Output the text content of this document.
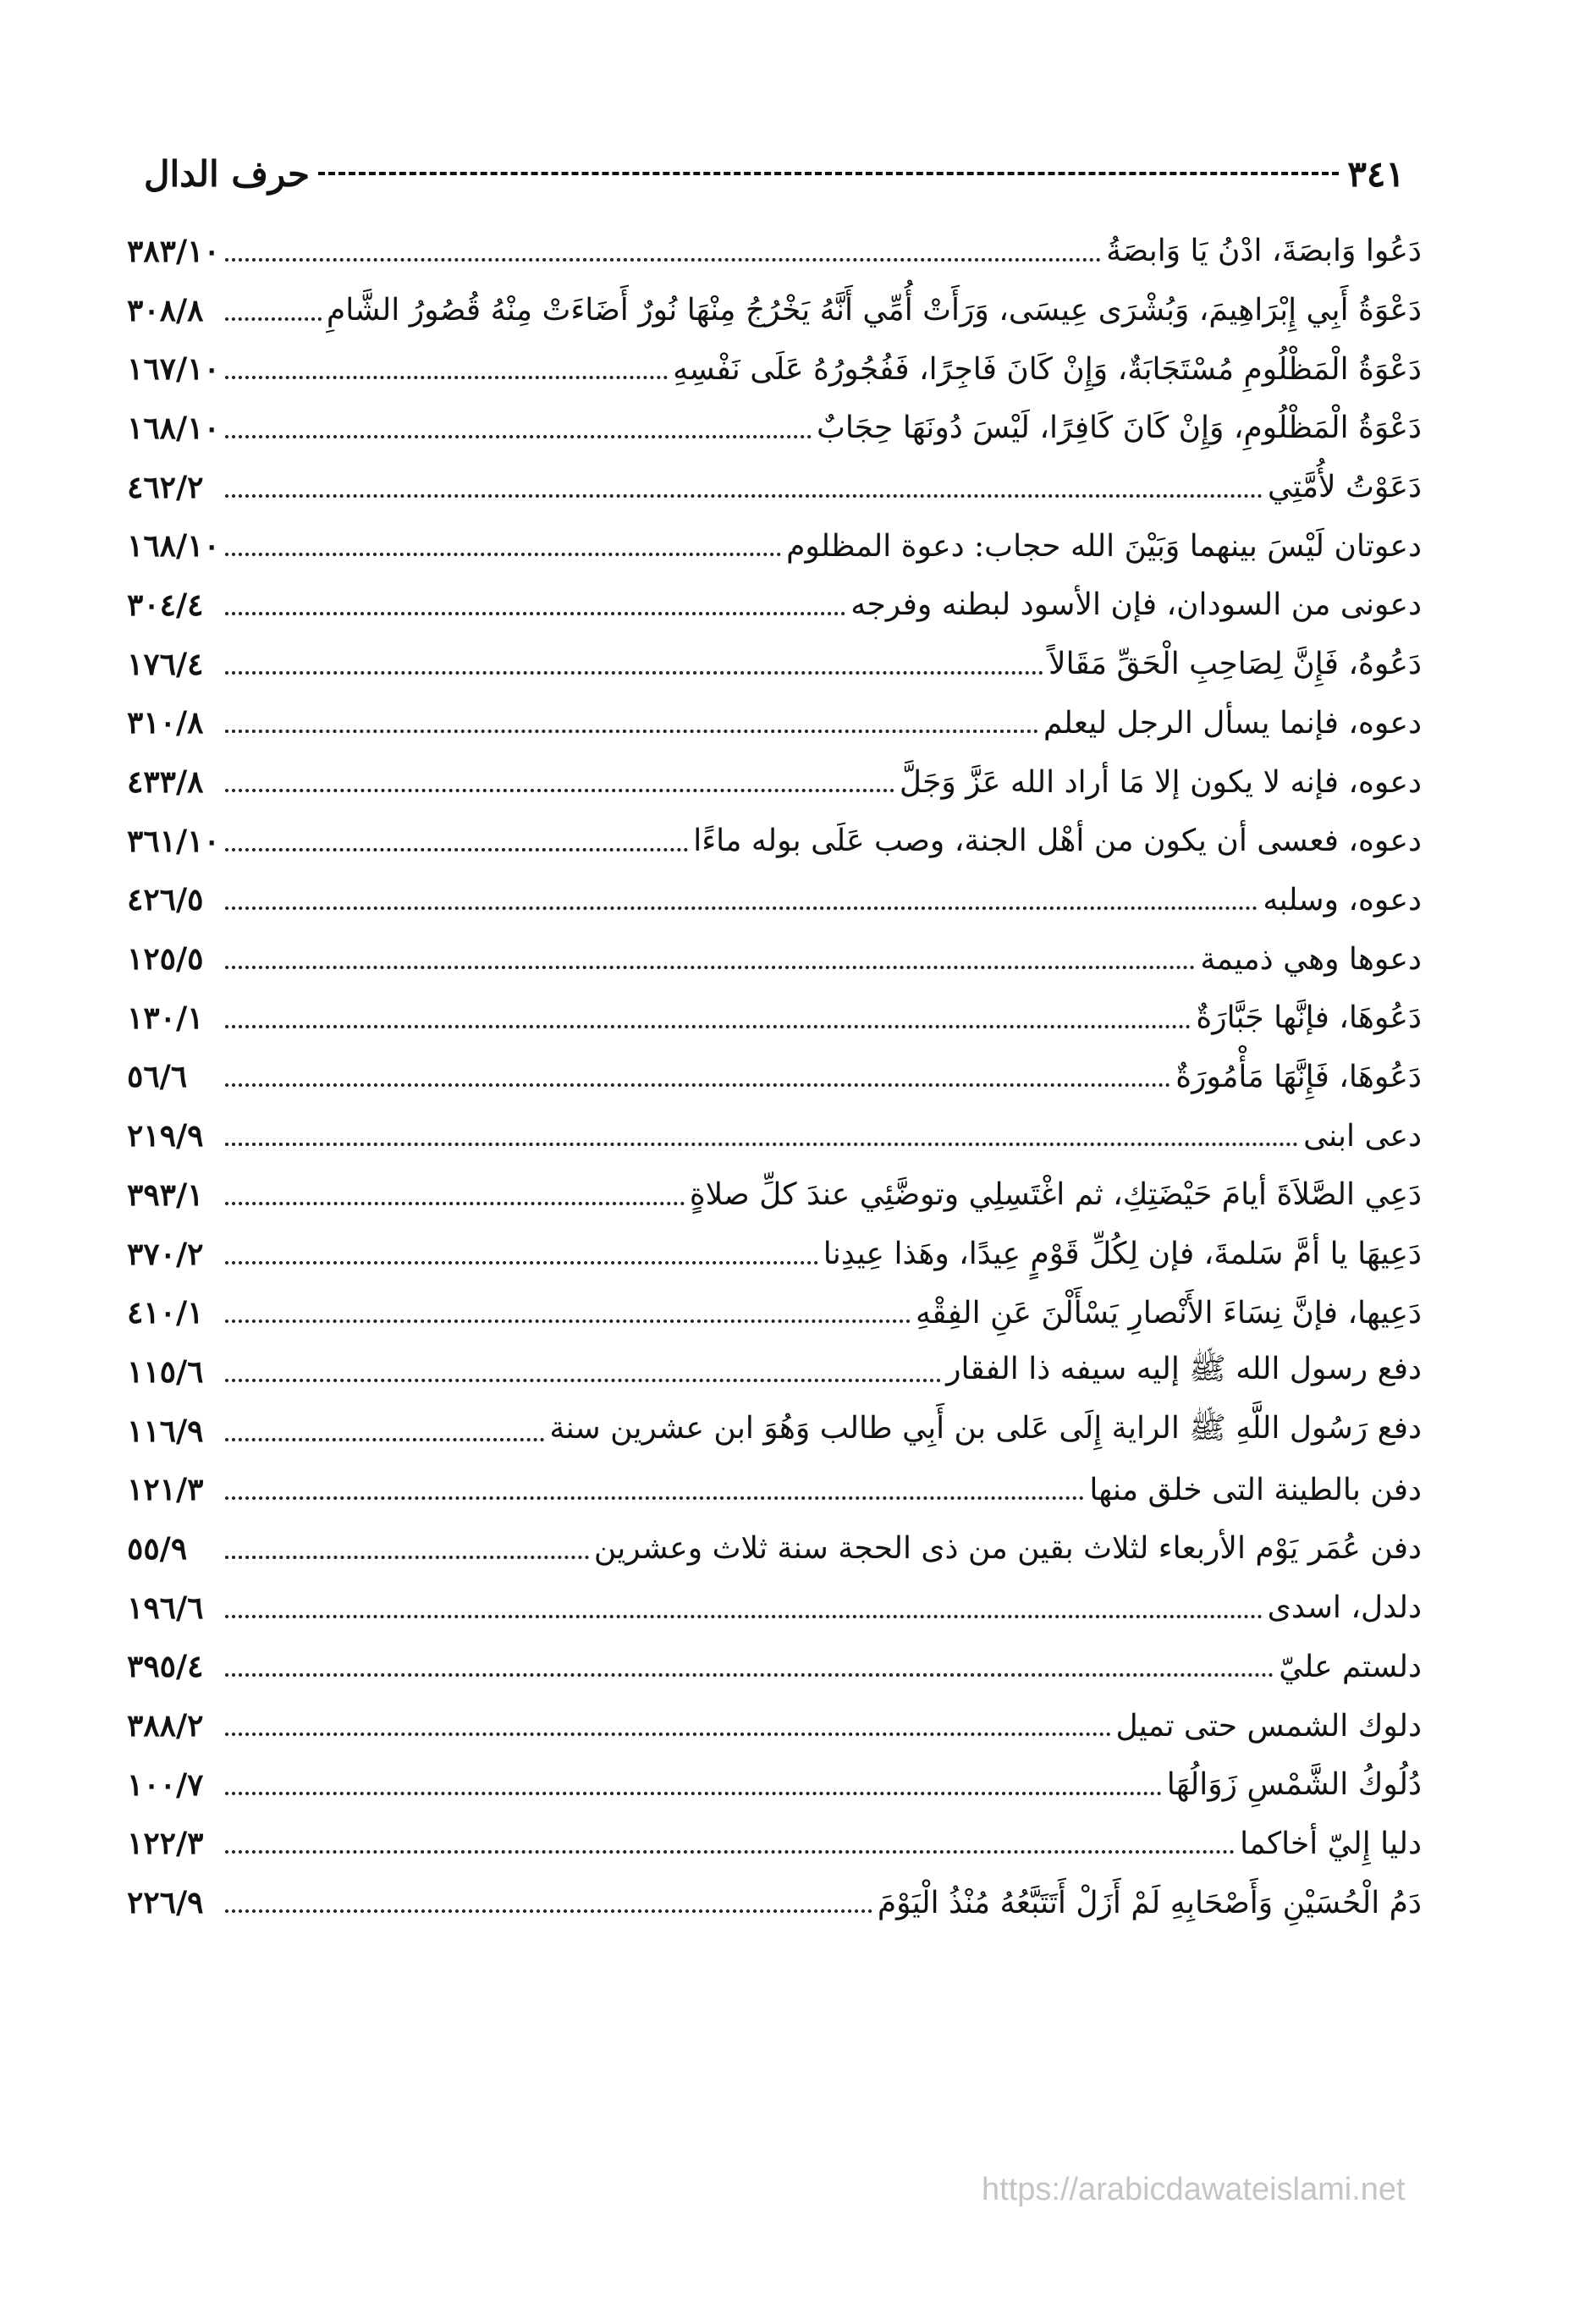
حرف الدال	٣٤١
دَعُوا وَابصَةَ، ادْنُ يَا وَابصَةُ
٣٨٣/١٠
دَعْوَةُ أَبِي إِبْرَاهِيمَ، وَبُشْرَى عِيسَى، وَرَأَتْ أُمِّي أَنَّهُ يَخْرُجُ مِنْهَا نُورٌ أَضَاءَتْ مِنْهُ قُصُورُ الشَّامِ
٣٠٨/٨
دَعْوَةُ الْمَظْلُومِ مُسْتَجَابَةٌ، وَإِنْ كَانَ فَاجِرًا، فَفُجُورُهُ عَلَى نَفْسِهِ
١٦٧/١٠
دَعْوَةُ الْمَظْلُومِ، وَإِنْ كَانَ كَافِرًا، لَيْسَ دُونَهَا حِجَابٌ
١٦٨/١٠
دَعَوْتُ لأُمَّتِي
٤٦٢/٢
دعوتان لَيْسَ بينهما وَبَيْنَ الله حجاب: دعوة المظلوم
١٦٨/١٠
دعونى من السودان، فإن الأسود لبطنه وفرجه
٣٠٤/٤
دَعُوهُ، فَإِنَّ لِصَاحِبِ الْحَقِّ مَقَالاً
١٧٦/٤
دعوه، فإنما يسأل الرجل ليعلم
٣١٠/٨
دعوه، فإنه لا يكون إلا مَا أراد الله عَزَّ وَجَلَّ
٤٣٣/٨
دعوه، فعسى أن يكون من أهْل الجنة، وصب عَلَى بوله ماءًا
٣٦١/١٠
دعوه، وسلبه
٤٢٦/٥
دعوها وهي ذميمة
١٢٥/٥
دَعُوهَا، فإنَّها جَبَّارَةٌ
١٣٠/١
دَعُوهَا، فَإِنَّهَا مَأْمُورَةٌ
٥٦/٦
دعى ابنى
٢١٩/٩
دَعِي الصَّلاَةَ أيامَ حَيْضَتِكِ، ثم اغْتَسِلِي وتوضَّئِي عندَ كلِّ صلاةٍ
٣٩٣/١
دَعِيهَا يا أمَّ سَلمةَ، فإن لِكُلِّ قَوْمٍ عِيدًا، وهَذا عِيدِنا
٣٧٠/٢
دَعِيها، فإنَّ نِسَاءَ الأَنْصارِ يَسْأَلْنَ عَنِ الفِقْهِ
٤١٠/١
دفع رسول الله ﷺ إليه سيفه ذا الفقار
١١٥/٦
دفع رَسُول اللَّهِ ﷺ الراية إِلَى عَلى بن أَبِي طالب وَهُوَ ابن عشرين سنة
١١٦/٩
دفن بالطينة التى خلق منها
١٢١/٣
دفن عُمَر يَوْم الأربعاء لثلاث بقين من ذى الحجة سنة ثلاث وعشرين
٥٥/٩
دلدل، اسدى
١٩٦/٦
دلستم عليّ
٣٩٥/٤
دلوك الشمس حتى تميل
٣٨٨/٢
دُلُوكُ الشَّمْسِ زَوَالُهَا
١٠٠/٧
دليا إِليّ أخاكما
١٢٢/٣
دَمُ الْحُسَيْنِ وَأَصْحَابِهِ لَمْ أَزَلْ أَتَتَبَّعُهُ مُنْذُ الْيَوْمَ
٢٢٦/٩
https://arabicdawateislami.net
